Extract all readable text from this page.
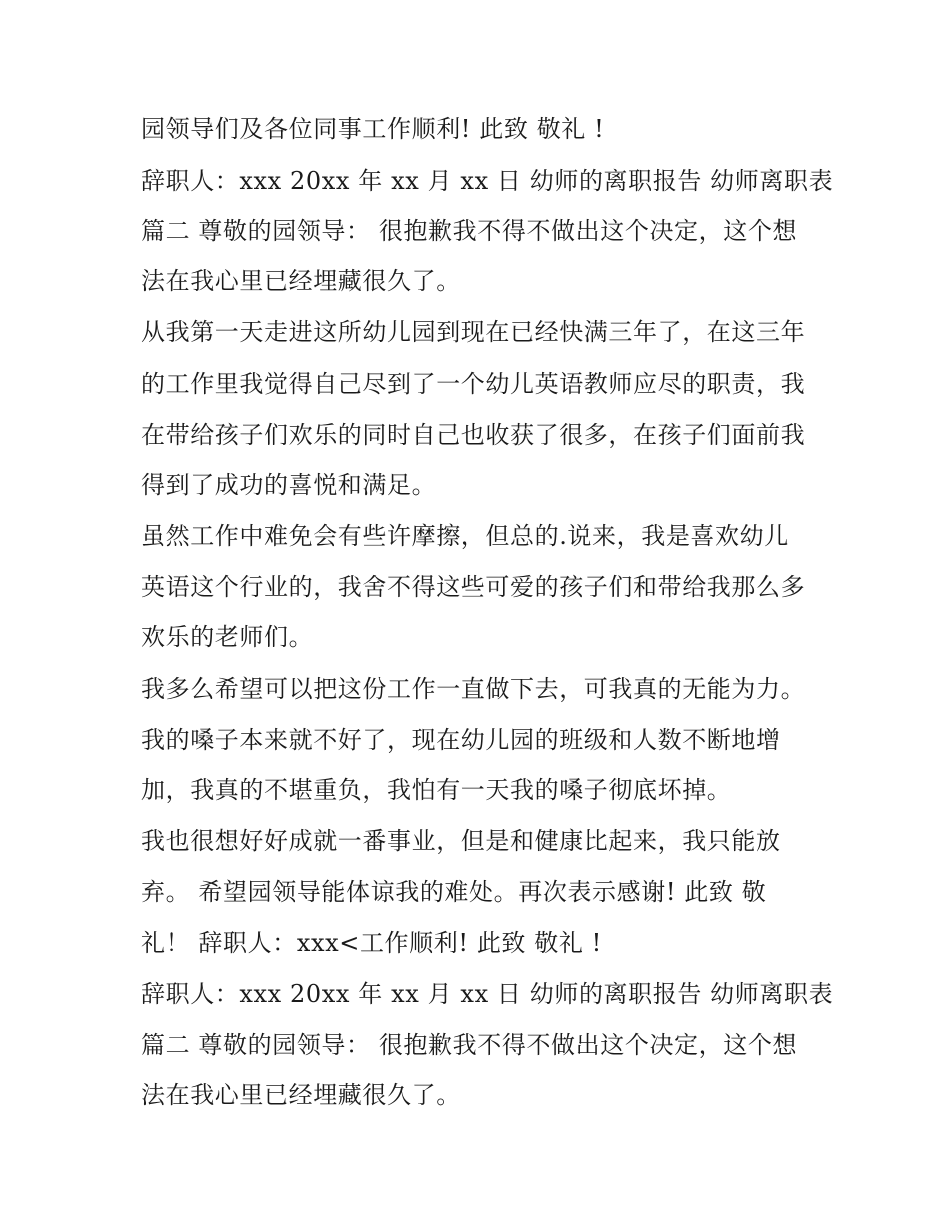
园领导们及各位同事工作顺利! 此致 敬礼 !
辞职人：xxx 20xx 年 xx 月 xx 日 幼师的离职报告 幼师离职表
篇二 尊敬的园领导： 很抱歉我不得不做出这个决定，这个想
法在我心里已经埋藏很久了。
从我第一天走进这所幼儿园到现在已经快满三年了，在这三年
的工作里我觉得自己尽到了一个幼儿英语教师应尽的职责，我
在带给孩子们欢乐的同时自己也收获了很多，在孩子们面前我
得到了成功的喜悦和满足。
虽然工作中难免会有些许摩擦，但总的.说来，我是喜欢幼儿
英语这个行业的，我舍不得这些可爱的孩子们和带给我那么多
欢乐的老师们。
我多么希望可以把这份工作一直做下去，可我真的无能为力。
我的嗓子本来就不好了，现在幼儿园的班级和人数不断地增
加，我真的不堪重负，我怕有一天我的嗓子彻底坏掉。
我也很想好好成就一番事业，但是和健康比起来，我只能放
弃。 希望园领导能体谅我的难处。再次表示感谢! 此致 敬
礼！ 辞职人：xxx<工作顺利! 此致 敬礼 !
辞职人：xxx 20xx 年 xx 月 xx 日 幼师的离职报告 幼师离职表
篇二 尊敬的园领导： 很抱歉我不得不做出这个决定，这个想
法在我心里已经埋藏很久了。
